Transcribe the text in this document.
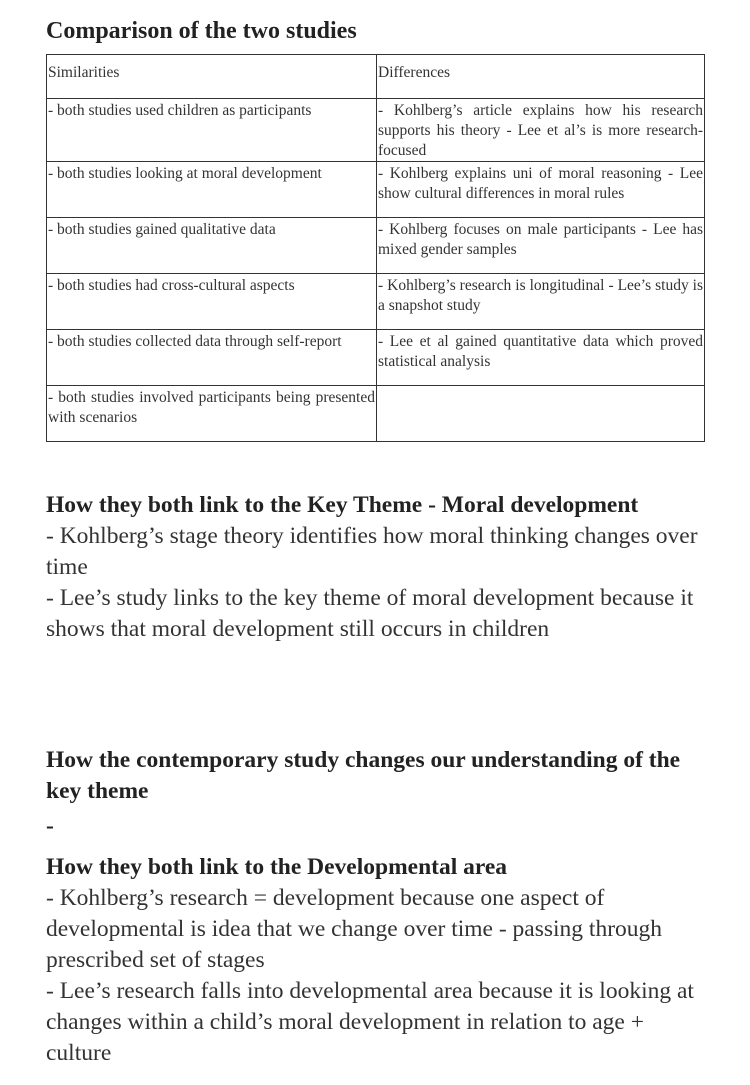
Comparison of the two studies
Similarities	Differences
- both studies used children as participants	- Kohlberg’s article explains how his research supports his theory - Lee et al’s is more research-focused
- both studies looking at moral development	- Kohlberg explains uni of moral reasoning - Lee show cultural differences in moral rules
- both studies gained qualitative data	- Kohlberg focuses on male participants - Lee has mixed gender samples
- both studies had cross-cultural aspects	- Kohlberg’s research is longitudinal - Lee’s study is a snapshot study
- both studies collected data through self-report	- Lee et al gained quantitative data which proved statistical analysis
- both studies involved participants being presented with scenarios	
How they both link to the Key Theme - Moral development

- Kohlberg’s stage theory identifies how moral thinking changes over time

- Lee’s study links to the key theme of moral development because it shows that moral development still occurs in children

How the contemporary study changes our understanding of the key theme
-
How they both link to the Developmental area

- Kohlberg’s research = development because one aspect of developmental is idea that we change over time - passing through prescribed set of stages

- Lee’s research falls into developmental area because it is looking at changes within a child’s moral development in relation to age + culture
